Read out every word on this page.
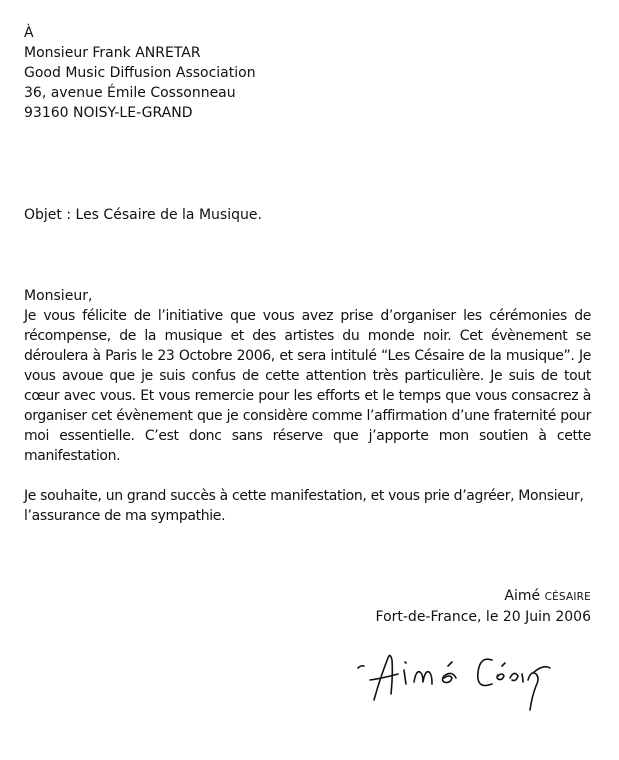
À
Monsieur Frank ANRETAR
Good Music Diffusion Association
36, avenue Émile Cossonneau
93160 NOISY-LE-GRAND
Objet : Les Césaire de la Musique.
Monsieur,

Je vous félicite de l’initiative que vous avez prise d’organiser les cérémonies de récompense, de la musique et des artistes du monde noir. Cet évènement se déroulera à Paris le 23 Octobre 2006, et sera intitulé “Les Césaire de la musique”. Je vous avoue que je suis confus de cette attention très particulière. Je suis de tout cœur avec vous. Et vous remercie pour les efforts et le temps que vous consacrez à organiser cet évènement que je considère comme l’affirmation d’une fraternité pour moi essentielle. C’est donc sans réserve que j’apporte mon soutien à cette manifestation.

Je souhaite, un grand succès à cette manifestation, et vous prie d’agréer, Monsieur, l’assurance de ma sympathie.

Aimé CÉSAIRE
Fort-de-France, le 20 Juin 2006
